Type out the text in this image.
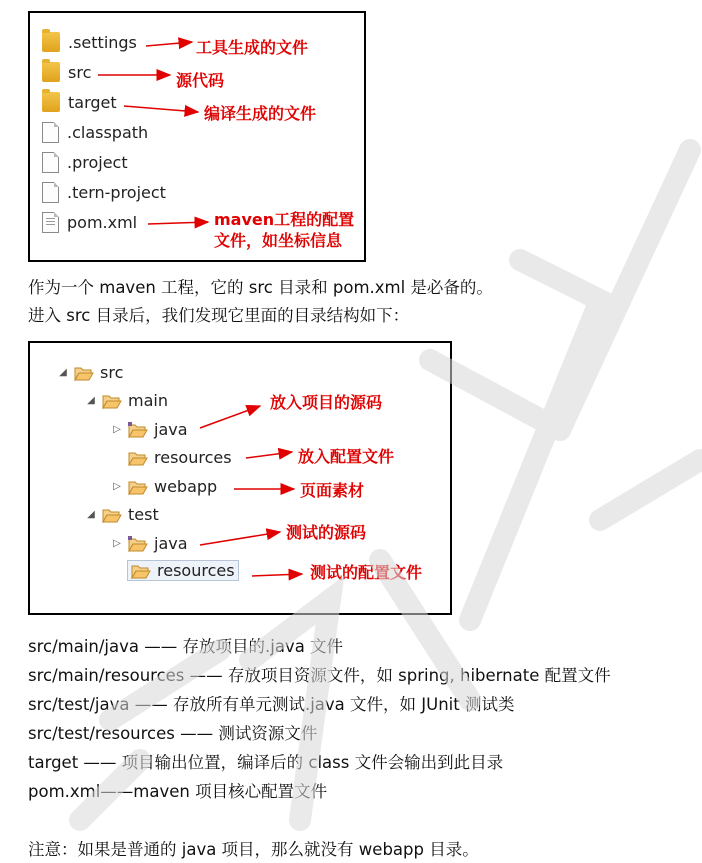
.settings
src
target
.classpath
.project
.tern-project
pom.xml
工具生成的文件
源代码
编译生成的文件
maven工程的配置
文件，如坐标信息
作为一个 maven 工程，它的 src 目录和 pom.xml 是必备的。
进入 src 目录后，我们发现它里面的目录结构如下：
◢ src
◢ main
▷ java
resources
▷ webapp
◢ test
▷ java
resources
放入项目的源码
放入配置文件
页面素材
测试的源码
测试的配置文件
src/main/java —— 存放项目的.java 文件
src/main/resources —— 存放项目资源文件，如 spring, hibernate 配置文件
src/test/java —— 存放所有单元测试.java 文件，如 JUnit 测试类
src/test/resources —— 测试资源文件
target —— 项目输出位置，编译后的 class 文件会输出到此目录
pom.xml——maven 项目核心配置文件
注意：如果是普通的 java 项目，那么就没有 webapp 目录。
